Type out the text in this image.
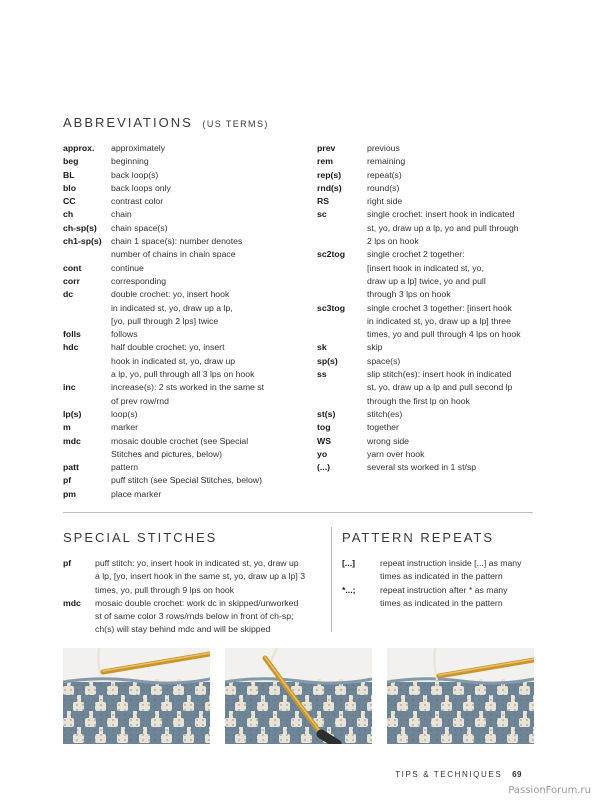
ABBREVIATIONS (US TERMS)
approx.	approximately
beg	beginning
BL	back loop(s)
blo	back loops only
CC	contrast color
ch	chain
ch-sp(s)	chain space(s)
ch1-sp(s)	chain 1 space(s): number denotes
number of chains in chain space
cont	continue
corr	corresponding
dc	double crochet: yo, insert hook
in indicated st, yo, draw up a lp,
[yo, pull through 2 lps] twice
folls	follows
hdc	half double crochet: yo, insert
hook in indicated st, yo, draw up
a lp, yo, pull through all 3 lps on hook
inc	increase(s): 2 sts worked in the same st
of prev row/rnd
lp(s)	loop(s)
m	marker
mdc	mosaic double crochet (see Special
Stitches and pictures, below)
patt	pattern
pf	puff stitch (see Special Stitches, below)
pm	place marker
prev	previous
rem	remaining
rep(s)	repeat(s)
rnd(s)	round(s)
RS	right side
sc	single crochet: insert hook in indicated
st, yo, draw up a lp, yo and pull through
2 lps on hook
sc2tog	single crochet 2 together:
[insert hook in indicated st, yo,
draw up a lp] twice, yo and pull
through 3 lps on hook
sc3tog	single crochet 3 together: [insert hook
in indicated st, yo, draw up a lp] three
times, yo and pull through 4 lps on hook
sk	skip
sp(s)	space(s)
ss	slip stitch(es): insert hook in indicated
st, yo, draw up a lp and pull second lp
through the first lp on hook
st(s)	stitch(es)
tog	together
WS	wrong side
yo	yarn over hook
(...)	several sts worked in 1 st/sp
SPECIAL STITCHES	PATTERN REPEATS
pf	puff stitch: yo, insert hook in indicated st, yo, draw up
a lp, [yo, insert hook in the same st, yo, draw up a lp] 3
times, yo, pull through 9 lps on hook
mdc	mosaic double crochet: work dc in skipped/unworked
st of same color 3 rows/rnds below in front of ch-sp;
ch(s) will stay behind mdc and will be skipped
[...]	repeat instruction inside [...] as many
times as indicated in the pattern
*...;	repeat instruction after * as many
times as indicated in the pattern
TIPS & TECHNIQUES 69
PassionForum.ru
